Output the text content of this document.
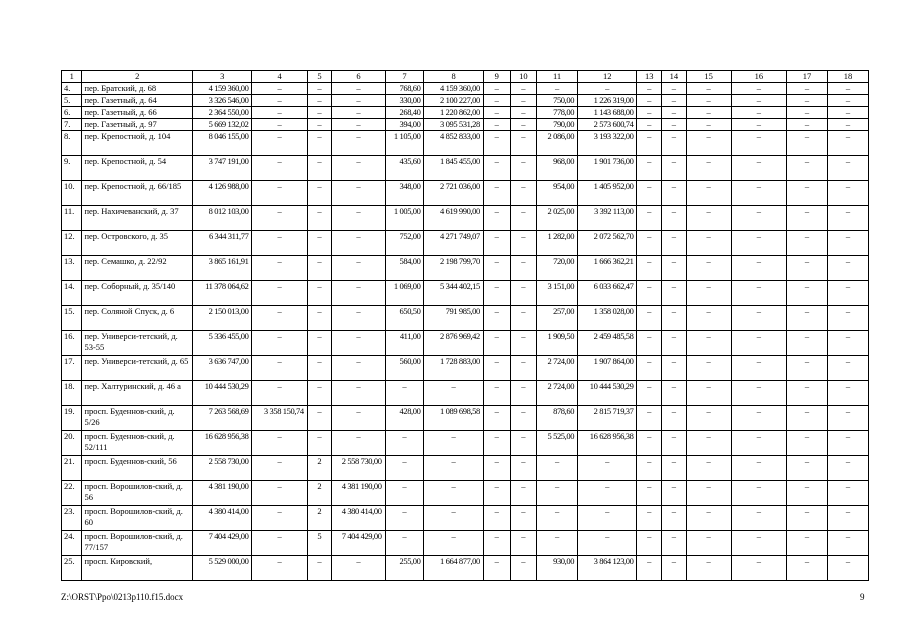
1	2	3	4	5	6	7	8	9	10	11	12	13	14	15	16	17	18
4.	пер. Братский, д. 68	4 159 360,00	–	–	–	768,60	4 159 360,00	–	–	–	–	–	–	–	–	–	–
5.	пер. Газетный, д. 64	3 326 546,00	–	–	–	330,00	2 100 227,00	–	–	750,00	1 226 319,00	–	–	–	–	–	–
6.	пер. Газетный, д. 66	2 364 550,00	–	–	–	268,40	1 220 862,00	–	–	778,00	1 143 688,00	–	–	–	–	–	–
7.	пер. Газетный, д. 97	5 669 132,02	–	–	–	394,00	3 095 531,28	–	–	790,00	2 573 600,74	–	–	–	–	–	–
8.	пер. Крепостной, д. 104	8 046 155,00	–	–	–	1 105,00	4 852 833,00	–	–	2 086,00	3 193 322,00	–	–	–	–	–	–
9.	пер. Крепостной, д. 54	3 747 191,00	–	–	–	435,60	1 845 455,00	–	–	968,00	1 901 736,00	–	–	–	–	–	–
10.	пер. Крепостной, д. 66/185	4 126 988,00	–	–	–	348,00	2 721 036,00	–	–	954,00	1 405 952,00	–	–	–	–	–	–
11.	пер. Нахичеванский, д. 37	8 012 103,00	–	–	–	1 005,00	4 619 990,00	–	–	2 025,00	3 392 113,00	–	–	–	–	–	–
12.	пер. Островского, д. 35	6 344 311,77	–	–	–	752,00	4 271 749,07	–	–	1 282,00	2 072 562,70	–	–	–	–	–	–
13.	пер. Семашко, д. 22/92	3 865 161,91	–	–	–	584,00	2 198 799,70	–	–	720,00	1 666 362,21	–	–	–	–	–	–
14.	пер. Соборный, д. 35/140	11 378 064,62	–	–	–	1 069,00	5 344 402,15	–	–	3 151,00	6 033 662,47	–	–	–	–	–	–
15.	пер. Соляной Спуск, д. 6	2 150 013,00	–	–	–	650,50	791 985,00	–	–	257,00	1 358 028,00	–	–	–	–	–	–
16.	пер. Универси-тетский, д. 53-55	5 336 455,00	–	–	–	411,00	2 876 969,42	–	–	1 909,50	2 459 485,58	–	–	–	–	–	–
17.	пер. Универси-тетский, д. 65	3 636 747,00	–	–	–	560,00	1 728 883,00	–	–	2 724,00	1 907 864,00	–	–	–	–	–	–
18.	пер. Халтуринский, д. 46 а	10 444 530,29	–	–	–	–	–	–	–	2 724,00	10 444 530,29	–	–	–	–	–	–
19.	просп. Буденнов-ский, д. 5/26	7 263 568,69	3 358 150,74	–	–	428,00	1 089 698,58	–	–	878,60	2 815 719,37	–	–	–	–	–	–
20.	просп. Буденнов-ский, д. 52/111	16 628 956,38	–	–	–	–	–	–	–	5 525,00	16 628 956,38	–	–	–	–	–	–
21.	просп. Буденнов-ский, 56	2 558 730,00	–	2	2 558 730,00	–	–	–	–	–	–	–	–	–	–	–	–
22.	просп. Ворошилов-ский, д. 56	4 381 190,00	–	2	4 381 190,00	–	–	–	–	–	–	–	–	–	–	–	–
23.	просп. Ворошилов-ский, д. 60	4 380 414,00	–	2	4 380 414,00	–	–	–	–	–	–	–	–	–	–	–	–
24.	просп. Ворошилов-ский, д. 77/157	7 404 429,00	–	5	7 404 429,00	–	–	–	–	–	–	–	–	–	–	–	–
25.	просп. Кировский,	5 529 000,00	–	–	–	255,00	1 664 877,00	–	–	930,00	3 864 123,00	–	–	–	–	–	–
Z:\ORST\Ppo\0213p110.f15.docx	9
